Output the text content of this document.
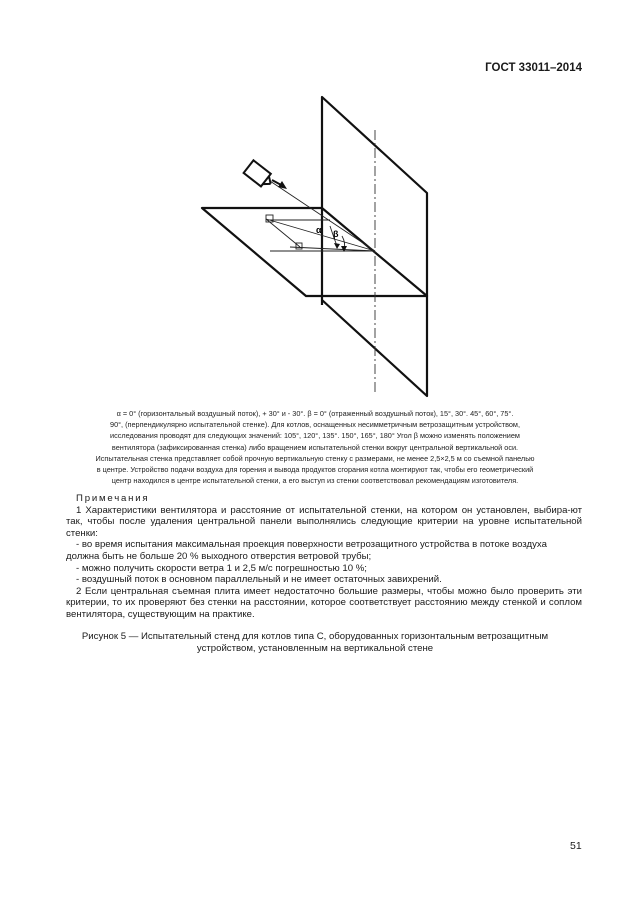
ГОСТ 33011–2014
α β
α = 0° (горизонтальный воздушный поток), + 30° и - 30°. β = 0° (отраженный воздушный поток), 15°, 30°. 45°, 60°, 75°.
90°, (перпендикулярно испытательной стенке). Для котлов, оснащенных несимметричным ветрозащитным устройством,
исследования проводят для следующих значений: 105°, 120°, 135°. 150°, 165°, 180° Угол β можно изменять положением
вентилятора (зафиксированная стенка) либо вращением испытательной стенки вокруг центральной вертикальной оси.
Испытательная стенка представляет собой прочную вертикальную стенку с размерами, не менее 2,5×2,5 м со съемной панелью
в центре. Устройство подачи воздуха для горения и вывода продуктов сгорания котла монтируют так, чтобы его геометрический
центр находился в центре испытательной стенки, а его выступ из стенки соответствовал рекомендациям изготовителя.
Примечания

1 Характеристики вентилятора и расстояние от испытательной стенки, на котором он установлен, выбира-ют так, чтобы после удаления центральной панели выполнялись следующие критерии на уровне испытательной стенки:

- во время испытания максимальная проекция поверхности ветрозащитного устройства в потоке воздуха

должна быть не больше 20 % выходного отверстия ветровой трубы;

- можно получить скорости ветра 1 и 2,5 м/с погрешностью 10 %;

- воздушный поток в основном параллельный и не имеет остаточных завихрений.

2 Если центральная съемная плита имеет недостаточно большие размеры, чтобы можно было проверить эти критерии, то их проверяют без стенки на расстоянии, которое соответствует расстоянию между стенкой и соплом вентилятора, существующим на практике.

Рисунок 5 — Испытательный стенд для котлов типа С, оборудованных горизонтальным ветрозащитным
устройством, установленным на вертикальной стене
51
